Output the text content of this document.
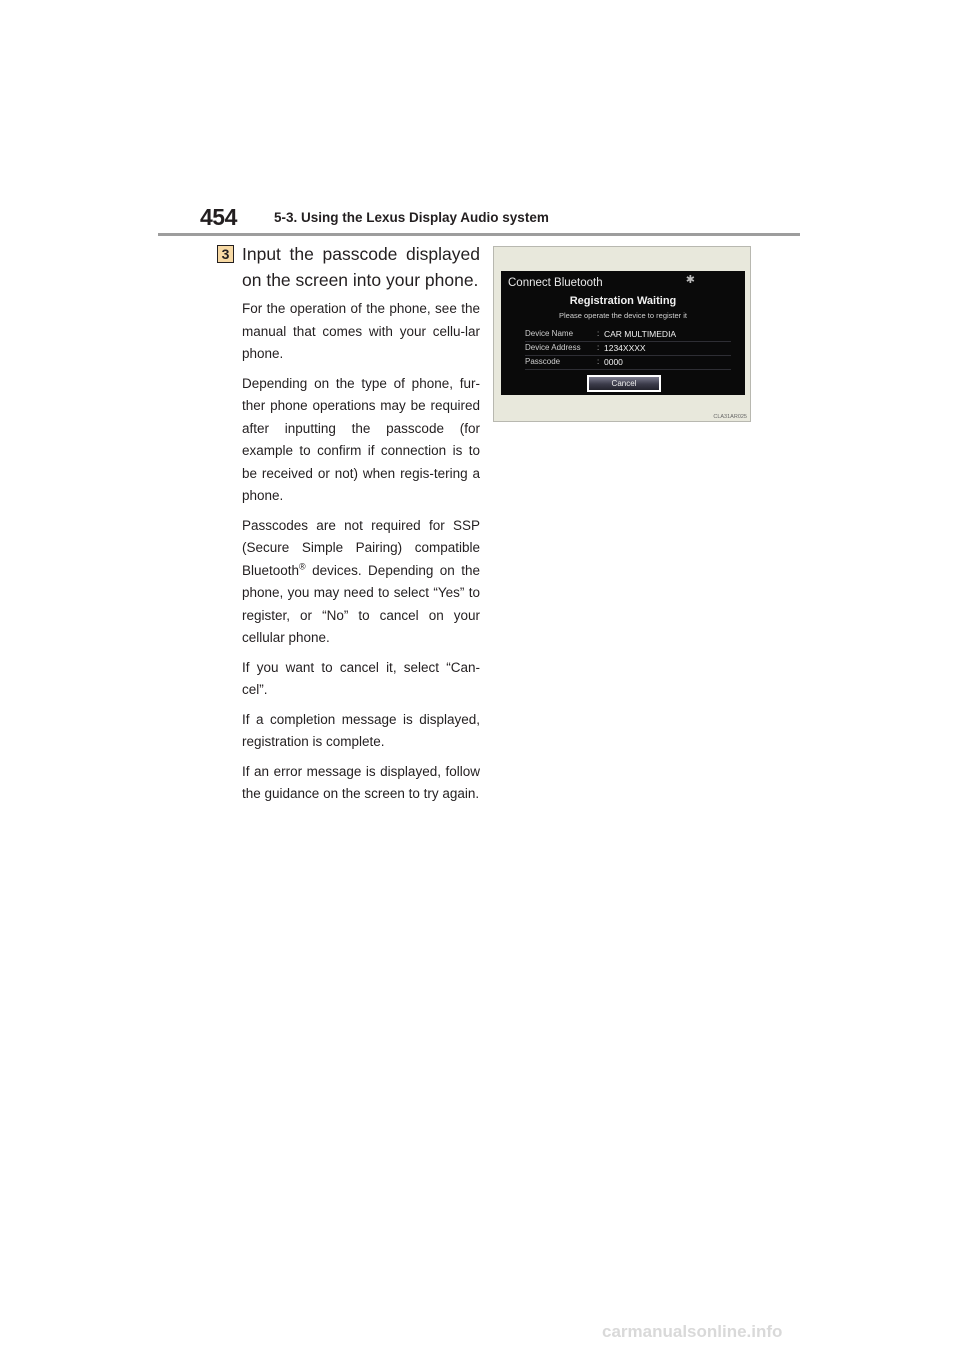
454	5-3. Using the Lexus Display Audio system
3 Input the passcode displayed on the screen into your phone.

For the operation of the phone, see the manual that comes with your cellu-lar phone.

Depending on the type of phone, fur-ther phone operations may be required after inputting the passcode (for example to confirm if connection is to be received or not) when regis-tering a phone.

Passcodes are not required for SSP (Secure Simple Pairing) compatible Bluetooth® devices. Depending on the phone, you may need to select “Yes” to register, or “No” to cancel on your cellular phone.

If you want to cancel it, select “Can-cel”.

If a completion message is displayed, registration is complete.

If an error message is displayed, follow the guidance on the screen to try again.

Connect Bluetooth	✱
Registration Waiting
Please operate the device to register it
Device Name	: CAR MULTIMEDIA
Device Address : 1234XXXX
Passcode	: 0000
Cancel
CLA31AR025
carmanualsonline.info
